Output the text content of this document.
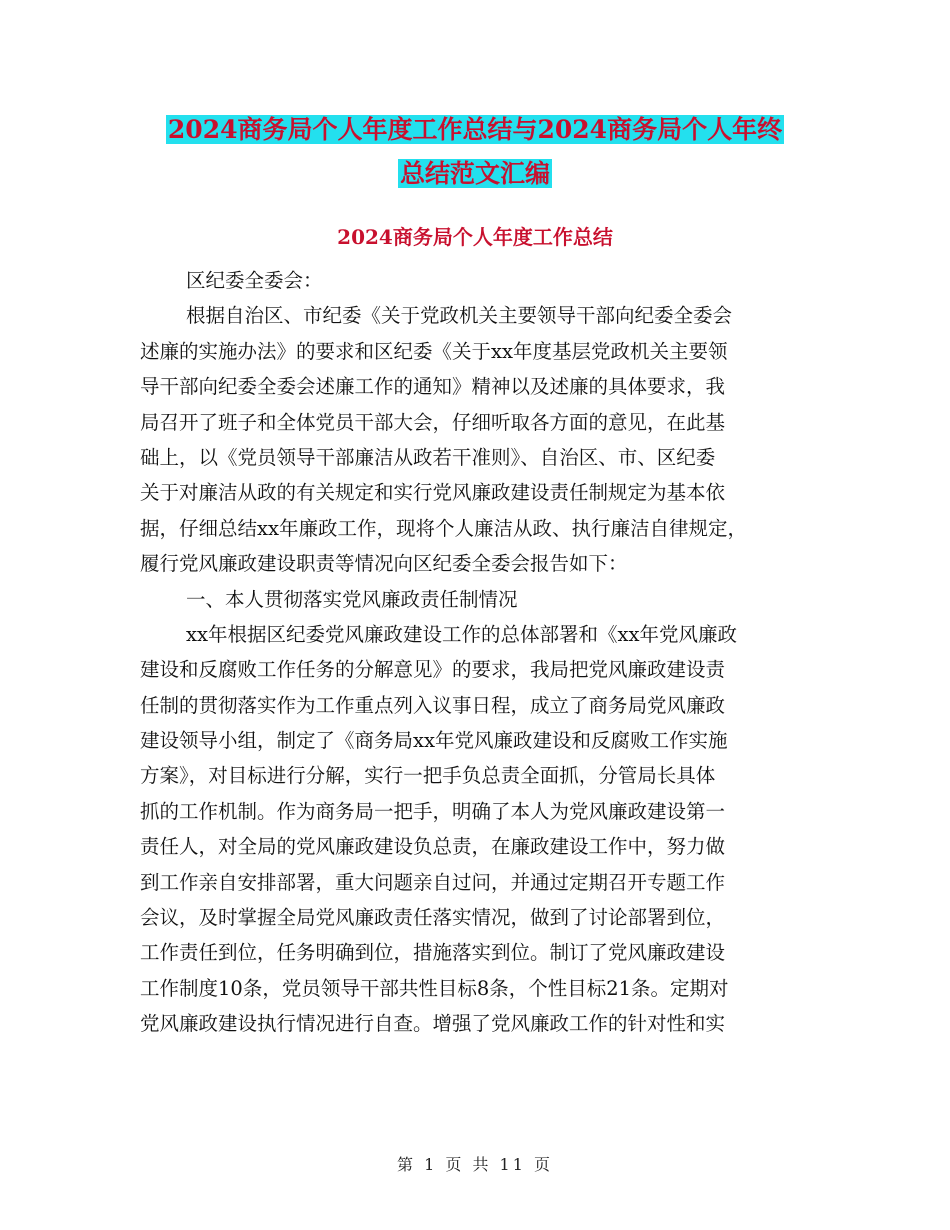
2024商务局个人年度工作总结与2024商务局个人年终
总结范文汇编
2024商务局个人年度工作总结
区纪委全委会：
根据自治区、市纪委《关于党政机关主要领导干部向纪委全委会
述廉的实施办法》的要求和区纪委《关于xx年度基层党政机关主要领
导干部向纪委全委会述廉工作的通知》精神以及述廉的具体要求，我
局召开了班子和全体党员干部大会，仔细听取各方面的意见，在此基
础上，以《党员领导干部廉洁从政若干准则》、自治区、市、区纪委
关于对廉洁从政的有关规定和实行党风廉政建设责任制规定为基本依
据，仔细总结xx年廉政工作，现将个人廉洁从政、执行廉洁自律规定，
履行党风廉政建设职责等情况向区纪委全委会报告如下：
一、本人贯彻落实党风廉政责任制情况
xx年根据区纪委党风廉政建设工作的总体部署和《xx年党风廉政
建设和反腐败工作任务的分解意见》的要求，我局把党风廉政建设责
任制的贯彻落实作为工作重点列入议事日程，成立了商务局党风廉政
建设领导小组，制定了《商务局xx年党风廉政建设和反腐败工作实施
方案》，对目标进行分解，实行一把手负总责全面抓，分管局长具体
抓的工作机制。作为商务局一把手，明确了本人为党风廉政建设第一
责任人，对全局的党风廉政建设负总责，在廉政建设工作中，努力做
到工作亲自安排部署，重大问题亲自过问，并通过定期召开专题工作
会议，及时掌握全局党风廉政责任落实情况，做到了讨论部署到位，
工作责任到位，任务明确到位，措施落实到位。制订了党风廉政建设
工作制度10条，党员领导干部共性目标8条，个性目标21条。定期对
党风廉政建设执行情况进行自查。增强了党风廉政工作的针对性和实
第 1 页 共 11 页
